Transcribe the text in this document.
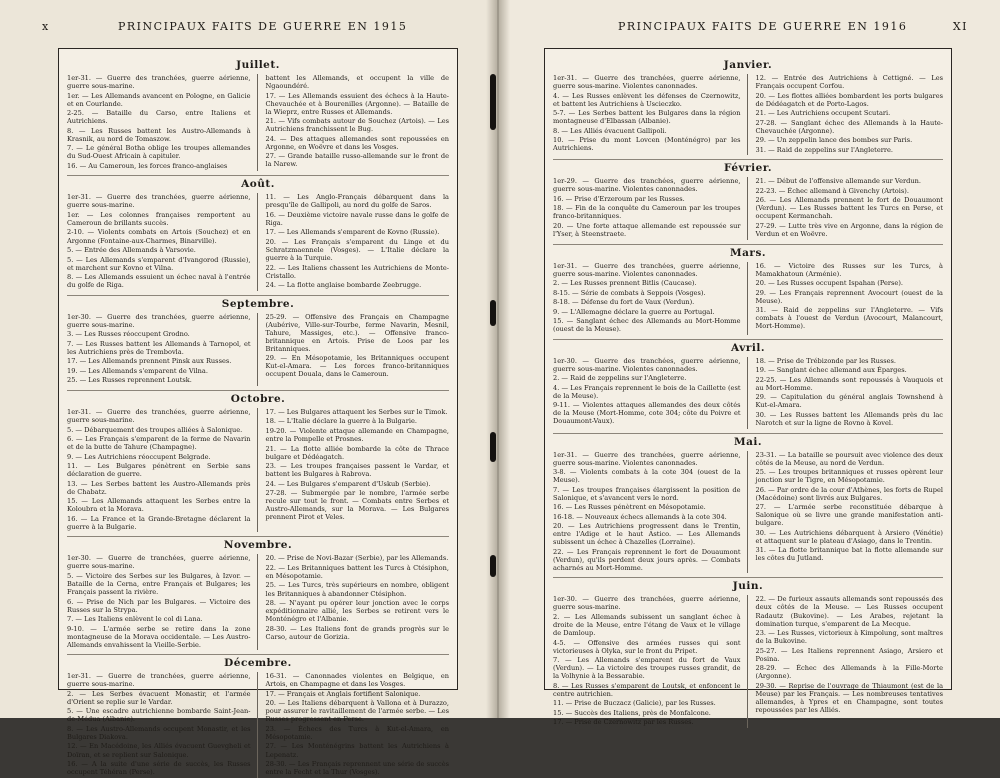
x	PRINCIPAUX FAITS DE GUERRE EN 1915
Juillet.

1er-31. — Guerre des tranchées, guerre aérienne, guerre sous-marine.

1er. — Les Allemands avancent en Pologne, en Galicie et en Courlande.

2-25. — Bataille du Carso, entre Italiens et Autrichiens.

8. — Les Russes battent les Austro-Allemands à Krasnik, au nord de Tomaszow.

7. — Le général Botha oblige les troupes allemandes du Sud-Ouest Africain à capituler.

16. — Au Cameroun, les forces franco-anglaises

battent les Allemands, et occupent la ville de Ngaoundéré.

17. — Les Allemands essuient des échecs à la Haute-Chevauchée et à Bourenilles (Argonne). — Bataille de la Wieprz, entre Russes et Allemands.

21. — Vifs combats autour de Souchez (Artois). — Les Autrichiens franchissent le Bug.

24. — Des attaques allemandes sont repoussées en Argonne, en Woëvre et dans les Vosges.

27. — Grande bataille russo-allemande sur le front de la Narew.

Août.

1er-31. — Guerre des tranchées, guerre aérienne, guerre sous-marine.

1er. — Les colonnes françaises remportent au Cameroun de brillants succès.

2-10. — Violents combats en Artois (Souchez) et en Argonne (Fontaine-aux-Charmes, Binarville).

5. — Entrée des Allemands à Varsovie.

5. — Les Allemands s'emparent d'Ivangorod (Russie), et marchent sur Kovno et Vilna.

8. — Les Allemands essuient un échec naval à l'entrée du golfe de Riga.

11. — Les Anglo-Français débarquent dans la presqu'île de Gallipoli, au nord du golfe de Saros.

16. — Deuxième victoire navale russe dans le golfe de Riga.

17. — Les Allemands s'emparent de Kovno (Russie).

20. — Les Français s'emparent du Linge et du Schratzmaennele (Vosges). — L'Italie déclare la guerre à la Turquie.

22. — Les Italiens chassent les Autrichiens de Monte-Cristallo.

24. — La flotte anglaise bombarde Zeebrugge.

Septembre.

1er-30. — Guerre des tranchées, guerre aérienne, guerre sous-marine.

3. — Les Russes réoccupent Grodno.

7. — Les Russes battent les Allemands à Tarnopol, et les Autrichiens près de Trembovla.

17. — Les Allemands prennent Pinsk aux Russes.

19. — Les Allemands s'emparent de Vilna.

25. — Les Russes reprennent Loutsk.

25-29. — Offensive des Français en Champagne (Aubérive, Ville-sur-Tourbe, ferme Navarin, Mesnil, Tahure, Massiges, etc.). — Offensive franco-britannique en Artois. Prise de Loos par les Britanniques.

29. — En Mésopotamie, les Britanniques occupent Kut-el-Amara. — Les forces franco-britanniques occupent Douala, dans le Cameroun.

Octobre.

1er-31. — Guerre des tranchées, guerre aérienne, guerre sous-marine.

5. — Débarquement des troupes alliées à Salonique.

6. — Les Français s'emparent de la ferme de Navarin et de la butte de Tahure (Champagne).

9. — Les Autrichiens réoccupent Belgrade.

11. — Les Bulgares pénètrent en Serbie sans déclaration de guerre.

13. — Les Serbes battent les Austro-Allemands près de Chabatz.

15. — Les Allemands attaquent les Serbes entre la Koloubra et la Morava.

16. — La France et la Grande-Bretagne déclarent la guerre à la Bulgarie.

17. — Les Bulgares attaquent les Serbes sur le Timok.

18. — L'Italie déclare la guerre à la Bulgarie.

19-20. — Violente attaque allemande en Champagne, entre la Pompelle et Prosnes.

21. — La flotte alliée bombarde la côte de Thrace bulgare et Dédéagatch.

23. — Les troupes françaises passent le Vardar, et battent les Bulgares à Rabrova.

24. — Les Bulgares s'emparent d'Uskub (Serbie).

27-28. — Submergée par le nombre, l'armée serbe recule sur tout le front. — Combats entre Serbes et Austro-Allemands, sur la Morava. — Les Bulgares prennent Pirot et Veles.

Novembre.

1er-30. — Guerre de tranchées, guerre aérienne, guerre sous-marine.

5. — Victoire des Serbes sur les Bulgares, à Izvor. — Bataille de la Cerna, entre Français et Bulgares; les Français passent la rivière.

6. — Prise de Nich par les Bulgares. — Victoire des Russes sur la Strypa.

7. — Les Italiens enlèvent le col di Lana.

9-10. — L'armée serbe se retire dans la zone montagneuse de la Morava occidentale. — Les Austro-Allemands envahissent la Vieille-Serbie.

20. — Prise de Novi-Bazar (Serbie), par les Allemands.

22. — Les Britanniques battent les Turcs à Ctésiphon, en Mésopotamie.

25. — Les Turcs, très supérieurs en nombre, obligent les Britanniques à abandonner Ctésiphon.

28. — N'ayant pu opérer leur jonction avec le corps expéditionnaire allié, les Serbes se retirent vers le Monténégro et l'Albanie.

28-30. — Les Italiens font de grands progrès sur le Carso, autour de Gorizia.

Décembre.

1er-31. — Guerre de tranchées, guerre aérienne, guerre sous-marine.

2. — Les Serbes évacuent Monastir, et l'armée d'Orient se replie sur le Vardar.

5. — Une escadre autrichienne bombarde Saint-Jean-de-Médua (Albanie).

8. — Les Austro-Allemands occupent Monastir, et les Bulgares Diakova.

12. — En Macédoine, les Alliés évacuent Guevgheli et Doïran, et se replient sur Salonique.

16. — A la suite d'une série de succès, les Russes occupent Téhéran (Perse).

16-31. — Canonnades violentes en Belgique, en Artois, en Champagne et dans les Vosges.

17. — Français et Anglais fortifient Salonique.

20. — Les Italiens débarquent à Vallona et à Durazzo, pour assurer le ravitaillement de l'armée serbe. — Les Russes progressent en Perse.

23. — Échecs des Turcs à Kut-el-Amara, en Mésopotamie.

27. — Les Monténégrins battent les Autrichiens à Lepenatz.

28-30. — Les Français reprennent une série de succès entre la Fecht et la Thur (Vosges).

PRINCIPAUX FAITS DE GUERRE EN 1916	XI
Janvier.

1er-31. — Guerre des tranchées, guerre aérienne, guerre sous-marine. Violentes canonnades.

4. — Les Russes enlèvent les défenses de Czernowitz, et battent les Autrichiens à Uscieczko.

5-7. — Les Serbes battent les Bulgares dans la région montagneuse d'Elbassan (Albanie).

8. — Les Alliés évacuent Gallipoli.

10. — Prise du mont Lovcen (Monténégro) par les Autrichiens.

12. — Entrée des Autrichiens à Cettigné. — Les Français occupent Corfou.

20. — Les flottes alliées bombardent les ports bulgares de Dédéagatch et de Porto-Lagos.

21. — Les Autrichiens occupent Scutari.

27-28. — Sanglant échec des Allemands à la Haute-Chevauchée (Argonne).

29. — Un zeppelin lance des bombes sur Paris.

31. — Raid de zeppelins sur l'Angleterre.

Février.

1er-29. — Guerre des tranchées, guerre aérienne, guerre sous-marine. Violentes canonnades.

16. — Prise d'Erzeroum par les Russes.

18. — Fin de la conquête du Cameroun par les troupes franco-britanniques.

20. — Une forte attaque allemande est repoussée sur l'Yser, à Steenstraete.

21. — Début de l'offensive allemande sur Verdun.

22-23. — Échec allemand à Givenchy (Artois).

26. — Les Allemands prennent le fort de Douaumont (Verdun). — Les Russes battent les Turcs en Perse, et occupent Kermanchah.

27-29. — Lutte très vive en Argonne, dans la région de Verdun et en Woëvre.

Mars.

1er-31. — Guerre des tranchées, guerre aérienne, guerre sous-marine. Violentes canonnades.

2. — Les Russes prennent Bitlis (Caucase).

8-15. — Série de combats à Seppois (Vosges).

8-18. — Défense du fort de Vaux (Verdun).

9. — L'Allemagne déclare la guerre au Portugal.

15. — Sanglant échec des Allemands au Mort-Homme (ouest de la Meuse).

16. — Victoire des Russes sur les Turcs, à Mamakhatoun (Arménie).

20. — Les Russes occupent Ispahan (Perse).

29. — Les Français reprennent Avocourt (ouest de la Meuse).

31. — Raid de zeppelins sur l'Angleterre. — Vifs combats à l'ouest de Verdun (Avocourt, Malancourt, Mort-Homme).

Avril.

1er-30. — Guerre des tranchées, guerre aérienne, guerre sous-marine. Violentes canonnades.

2. — Raid de zeppelins sur l'Angleterre.

4. — Les Français reprennent le bois de la Caillette (est de la Meuse).

9-11. — Violentes attaques allemandes des deux côtés de la Meuse (Mort-Homme, cote 304; côte du Poivre et Douaumont-Vaux).

18. — Prise de Trébizonde par les Russes.

19. — Sanglant échec allemand aux Éparges.

22-25. — Les Allemands sont repoussés à Vauquois et au Mort-Homme.

29. — Capitulation du général anglais Townshend à Kut-el-Amara.

30. — Les Russes battent les Allemands près du lac Narotch et sur la ligne de Rovno à Kovel.

Mai.

1er-31. — Guerre des tranchées, guerre aérienne, guerre sous-marine. Violentes canonnades.

3-8. — Violents combats à la cote 304 (ouest de la Meuse).

7. — Les troupes françaises élargissent la position de Salonique, et s'avancent vers le nord.

16. — Les Russes pénètrent en Mésopotamie.

16-18. — Nouveaux échecs allemands à la cote 304.

20. — Les Autrichiens progressent dans le Trentin, entre l'Adige et le haut Astico. — Les Allemands subissent un échec à Chazelles (Lorraine).

22. — Les Français reprennent le fort de Douaumont (Verdun), qu'ils perdent deux jours après. — Combats acharnés au Mort-Homme.

23-31. — La bataille se poursuit avec violence des deux côtés de la Meuse, au nord de Verdun.

25. — Les troupes britanniques et russes opèrent leur jonction sur le Tigre, en Mésopotamie.

26. — Par ordre de la cour d'Athènes, les forts de Rupel (Macédoine) sont livrés aux Bulgares.

27. — L'armée serbe reconstituée débarque à Salonique où se livre une grande manifestation anti-bulgare.

30. — Les Autrichiens débarquent à Arsiero (Vénétie) et attaquent sur le plateau d'Asiago, dans le Trentin.

31. — La flotte britannique bat la flotte allemande sur les côtes du Jutland.

Juin.

1er-30. — Guerre des tranchées, guerre aérienne, guerre sous-marine.

2. — Les Allemands subissent un sanglant échec à droite de la Meuse, entre l'étang de Vaux et le village de Damloup.

4-5. — Offensive des armées russes qui sont victorieuses à Olyka, sur le front du Pripet.

7. — Les Allemands s'emparent du fort de Vaux (Verdun). — La victoire des troupes russes grandit, de la Volhynie à la Bessarabie.

8. — Les Russes s'emparent de Loutsk, et enfoncent le centre autrichien.

11. — Prise de Buczacz (Galicie), par les Russes.

15. — Succès des Italiens, près de Monfalcone.

17. — Prise de Czernowitz par les Russes.

22. — De furieux assauts allemands sont repoussés des deux côtés de la Meuse. — Les Russes occupent Radautz (Bukovine). — Les Arabes, rejetant la domination turque, s'emparent de La Mecque.

23. — Les Russes, victorieux à Kimpolung, sont maîtres de la Bukovine.

25-27. — Les Italiens reprennent Asiago, Arsiero et Posina.

28-29. — Échec des Allemands à la Fille-Morte (Argonne).

29-30. — Reprise de l'ouvrage de Thiaumont (est de la Meuse) par les Français. — Les nombreuses tentatives allemandes, à Ypres et en Champagne, sont toutes repoussées par les Alliés.
